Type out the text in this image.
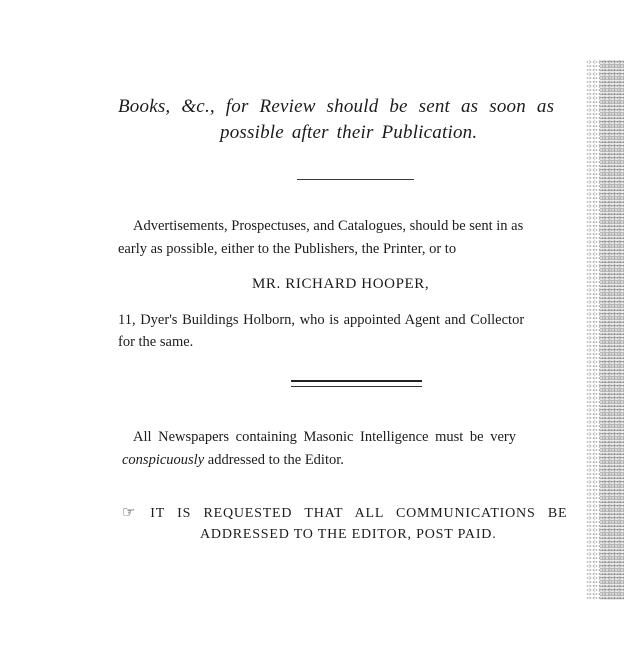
Books, &c., for Review should be sent as soon as

possible after their Publication.

Advertisements, Prospectuses, and Catalogues, should be sent in as

early as possible, either to the Publishers, the Printer, or to

MR. RICHARD HOOPER,

11, Dyer's Buildings Holborn, who is appointed Agent and Collector

for the same.

All Newspapers containing Masonic Intelligence must be very

conspicuously addressed to the Editor.

☞ IT IS REQUESTED THAT ALL COMMUNICATIONS BE

ADDRESSED TO THE EDITOR, POST PAID.
